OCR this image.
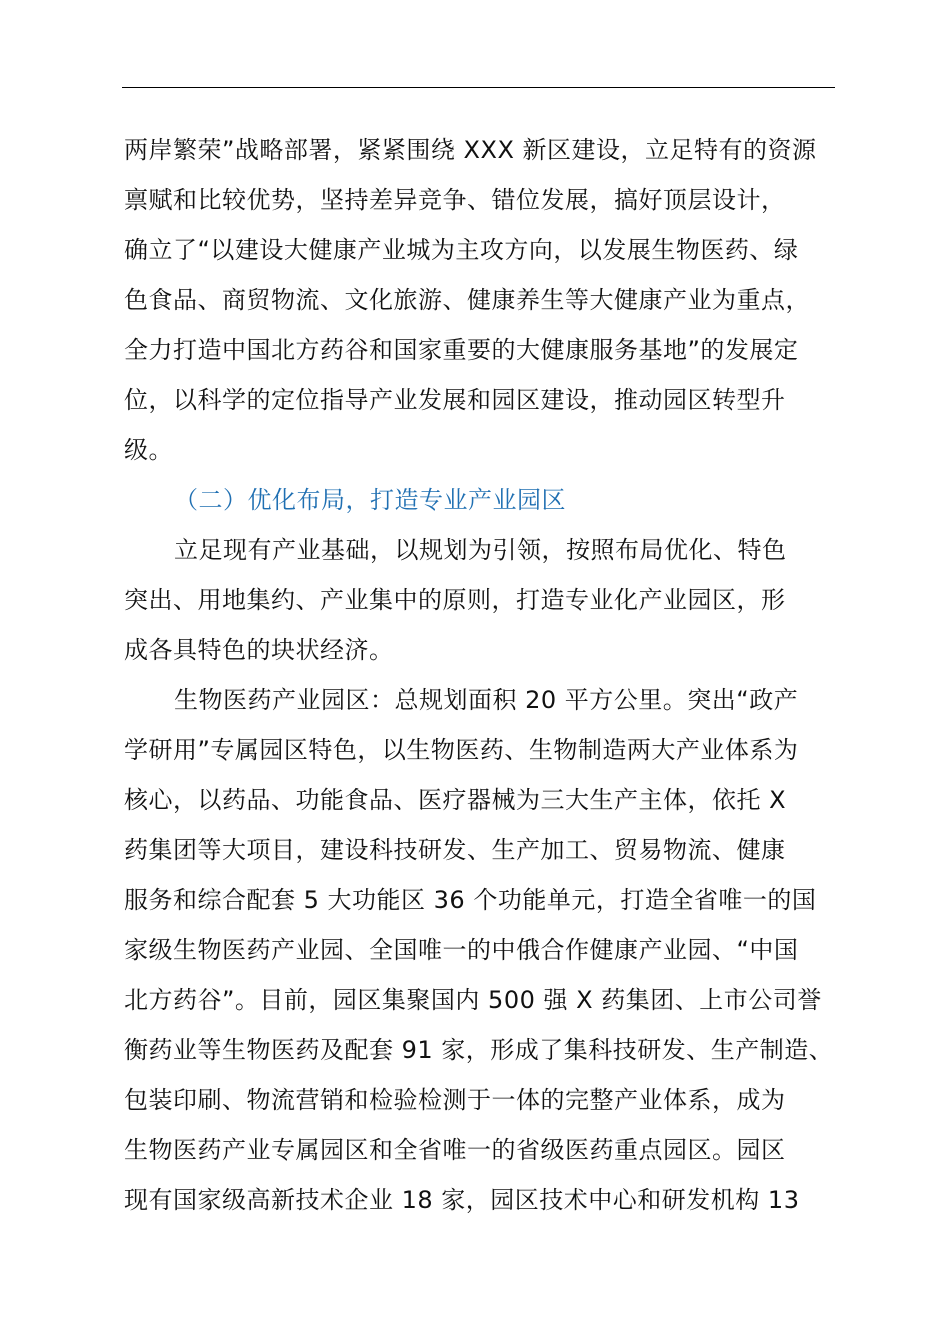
两岸繁荣”战略部署，紧紧围绕 XXX 新区建设，立足特有的资源
禀赋和比较优势，坚持差异竞争、错位发展，搞好顶层设计，
确立了“以建设大健康产业城为主攻方向，以发展生物医药、绿
色食品、商贸物流、文化旅游、健康养生等大健康产业为重点，
全力打造中国北方药谷和国家重要的大健康服务基地”的发展定
位，以科学的定位指导产业发展和园区建设，推动园区转型升
级。
（二）优化布局，打造专业产业园区
立足现有产业基础，以规划为引领，按照布局优化、特色
突出、用地集约、产业集中的原则，打造专业化产业园区，形
成各具特色的块状经济。
生物医药产业园区：总规划面积 20 平方公里。突出“政产
学研用”专属园区特色，以生物医药、生物制造两大产业体系为
核心，以药品、功能食品、医疗器械为三大生产主体，依托 X
药集团等大项目，建设科技研发、生产加工、贸易物流、健康
服务和综合配套 5 大功能区 36 个功能单元，打造全省唯一的国
家级生物医药产业园、全国唯一的中俄合作健康产业园、“中国
北方药谷”。目前，园区集聚国内 500 强 X 药集团、上市公司誉
衡药业等生物医药及配套 91 家，形成了集科技研发、生产制造、
包装印刷、物流营销和检验检测于一体的完整产业体系，成为
生物医药产业专属园区和全省唯一的省级医药重点园区。园区
现有国家级高新技术企业 18 家，园区技术中心和研发机构 13
